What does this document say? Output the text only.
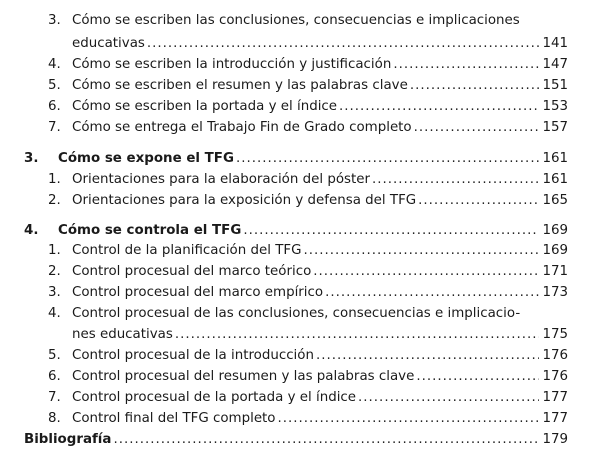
3. Cómo se escriben las conclusiones, consecuencias e implicaciones
educativas .....	141
4. Cómo se escriben la introducción y justificación .....	147
5. Cómo se escriben el resumen y las palabras clave .....	151
6. Cómo se escriben la portada y el índice .....	153
7. Cómo se entrega el Trabajo Fin de Grado completo .....	157
3. Cómo se expone el TFG .....	161
1. Orientaciones para la elaboración del póster .....	161
2. Orientaciones para la exposición y defensa del TFG .....	165
4. Cómo se controla el TFG .....	169
1. Control de la planificación del TFG .....	169
2. Control procesual del marco teórico .....	171
3. Control procesual del marco empírico .....	173
4. Control procesual de las conclusiones, consecuencias e implicacio-
nes educativas .....	175
5. Control procesual de la introducción .....	176
6. Control procesual del resumen y las palabras clave .....	176
7. Control procesual de la portada y el índice .....	177
8. Control final del TFG completo .....	177
Bibliografía .....	179
